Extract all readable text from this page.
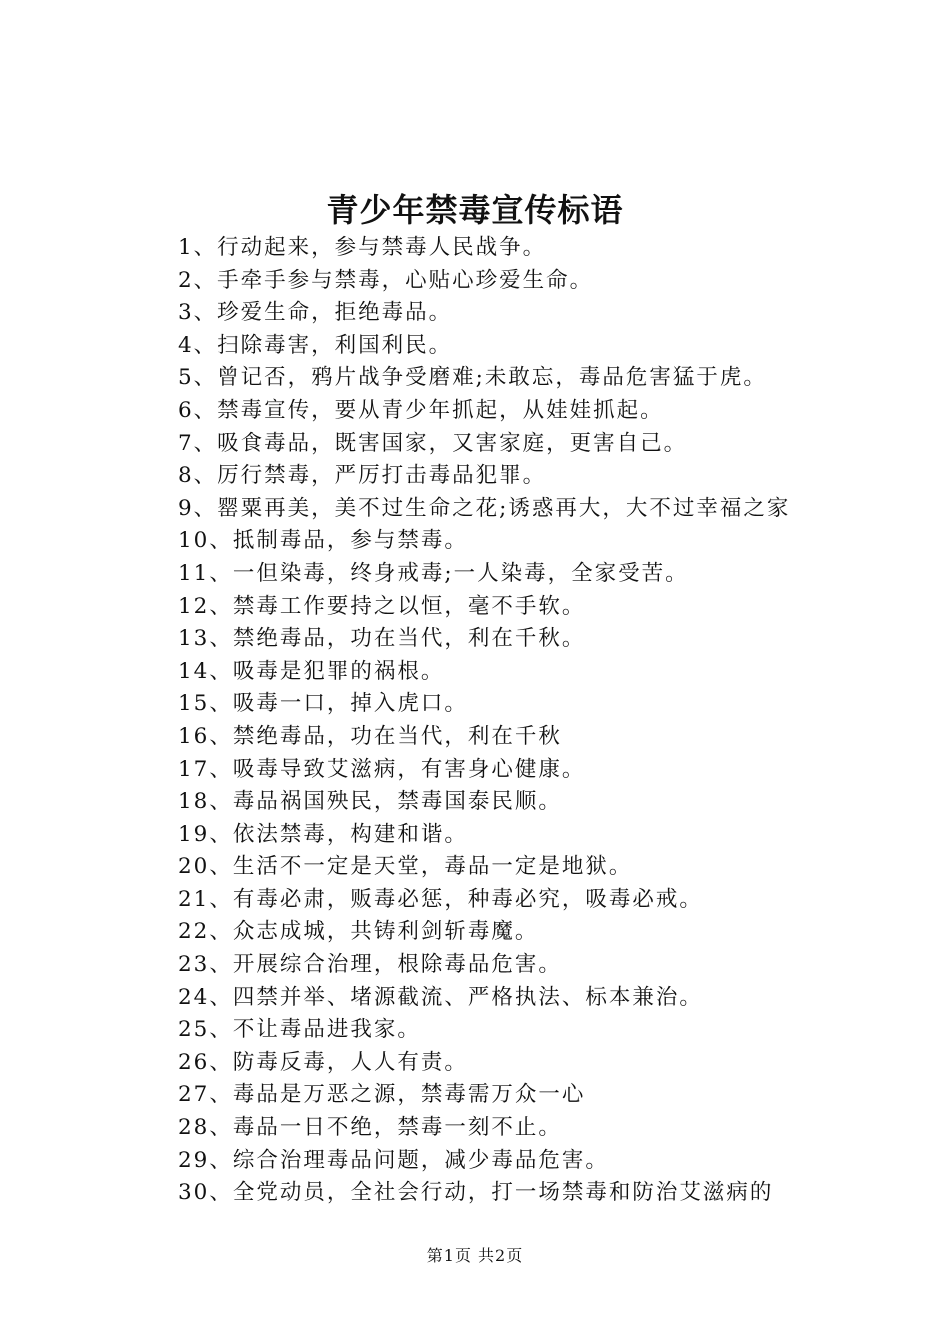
青少年禁毒宣传标语
1、行动起来，参与禁毒人民战争。
2、手牵手参与禁毒，心贴心珍爱生命。
3、珍爱生命，拒绝毒品。
4、扫除毒害，利国利民。
5、曾记否，鸦片战争受磨难;未敢忘，毒品危害猛于虎。
6、禁毒宣传，要从青少年抓起，从娃娃抓起。
7、吸食毒品，既害国家，又害家庭，更害自己。
8、厉行禁毒，严厉打击毒品犯罪。
9、罂粟再美，美不过生命之花;诱惑再大，大不过幸福之家
10、抵制毒品，参与禁毒。
11、一但染毒，终身戒毒;一人染毒，全家受苦。
12、禁毒工作要持之以恒，毫不手软。
13、禁绝毒品，功在当代，利在千秋。
14、吸毒是犯罪的祸根。
15、吸毒一口，掉入虎口。
16、禁绝毒品，功在当代，利在千秋
17、吸毒导致艾滋病，有害身心健康。
18、毒品祸国殃民，禁毒国泰民顺。
19、依法禁毒，构建和谐。
20、生活不一定是天堂，毒品一定是地狱。
21、有毒必肃，贩毒必惩，种毒必究，吸毒必戒。
22、众志成城，共铸利剑斩毒魔。
23、开展综合治理，根除毒品危害。
24、四禁并举、堵源截流、严格执法、标本兼治。
25、不让毒品进我家。
26、防毒反毒，人人有责。
27、毒品是万恶之源，禁毒需万众一心
28、毒品一日不绝，禁毒一刻不止。
29、综合治理毒品问题，减少毒品危害。
30、全党动员，全社会行动，打一场禁毒和防治艾滋病的
第1页 共2页
